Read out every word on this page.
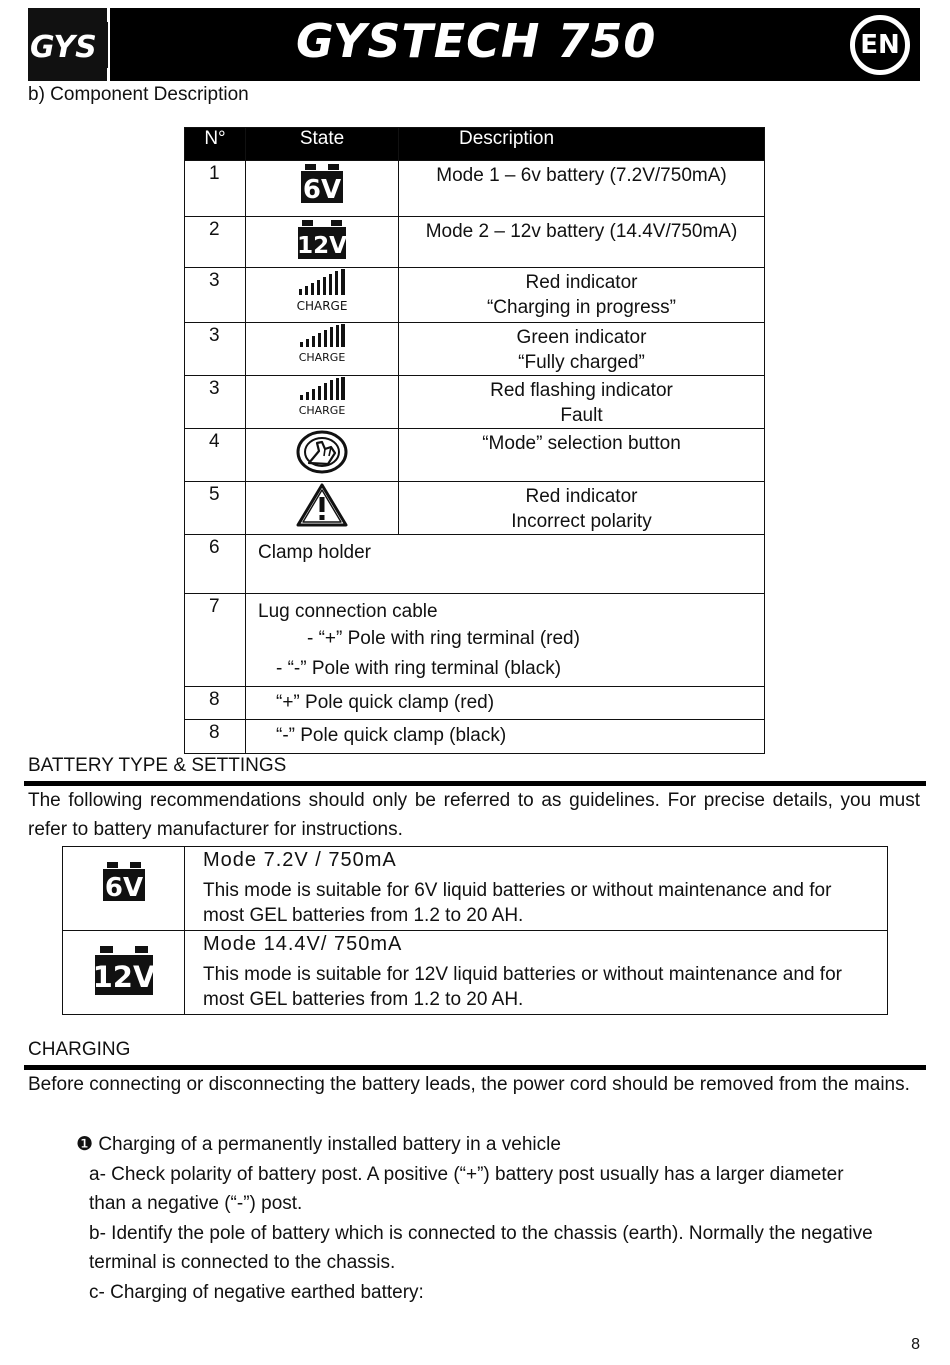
GYS	GYSTECH 750	EN
b) Component Description
N°	State	Description
1	6V	Mode 1 – 6v battery (7.2V/750mA)

2	12V	Mode 2 – 12v battery (14.4V/750mA)

3	CHARGE	Red indicator
“Charging in progress”

3	CHARGE	Green indicator
“Fully charged”

3	CHARGE	Red flashing indicator
Fault

4		“Mode” selection button

5		Red indicator
Incorrect polarity

6	Clamp holder	

7	Lug connection cable
- “+” Pole with ring terminal (red)
- “-” Pole with ring terminal (black)	

8	“+” Pole quick clamp (red)	

8	“-” Pole quick clamp (black)	
BATTERY TYPE & SETTINGS
The following recommendations should only be referred to as guidelines. For precise details, you must refer to battery manufacturer for instructions.
6V	Mode 7.2V / 750mA
This mode is suitable for 6V liquid batteries or without maintenance and for most GEL batteries from 1.2 to 20 AH.

12V	Mode 14.4V/ 750mA
This mode is suitable for 12V liquid batteries or without maintenance and for most GEL batteries from 1.2 to 20 AH.
CHARGING
Before connecting or disconnecting the battery leads, the power cord should be removed from the mains.
❶ Charging of a permanently installed battery in a vehicle
a- Check polarity of battery post. A positive (“+”) battery post usually has a larger diameter than a negative (“-”) post.
b- Identify the pole of battery which is connected to the chassis (earth). Normally the negative terminal is connected to the chassis.
c- Charging of negative earthed battery:
8
